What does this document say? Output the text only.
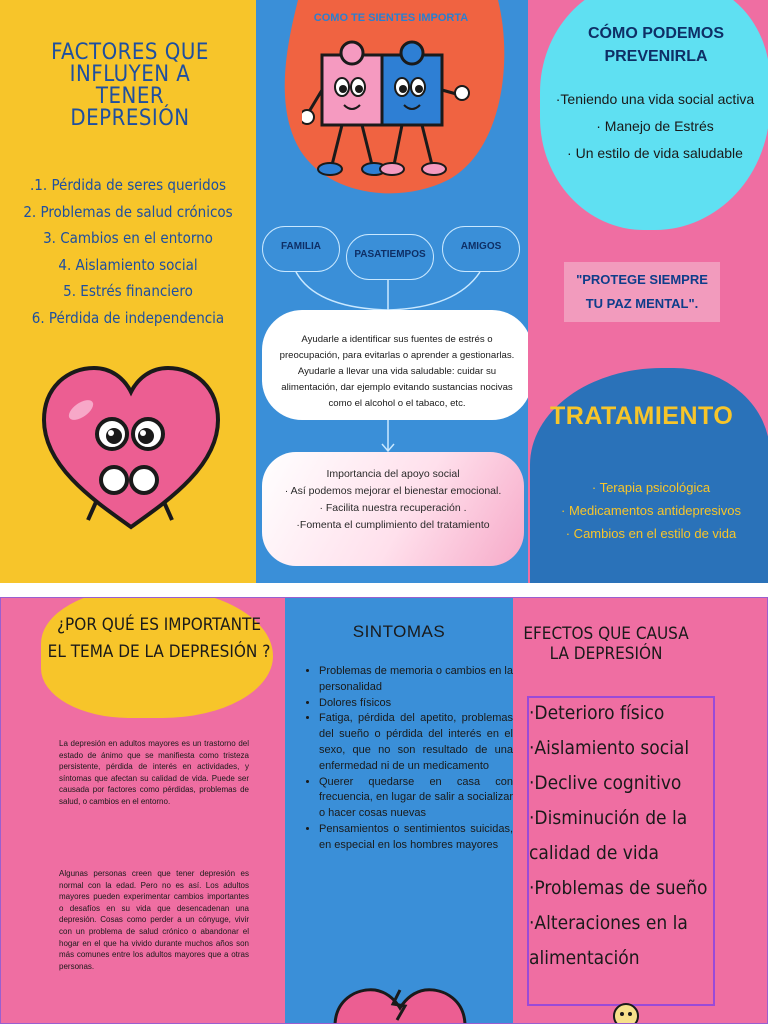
FACTORES QUE INFLUYEN A TENER DEPRESIÓN
.1. Pérdida de seres queridos
2. Problemas de salud crónicos
3. Cambios en el entorno
4. Aislamiento social
5. Estrés financiero
6. Pérdida de independencia
COMO TE SIENTES IMPORTA
FAMILIA
PASATIEMPOS
AMIGOS
Ayudarle a identificar sus fuentes de estrés o preocupación, para evitarlas o aprender a gestionarlas. Ayudarle a llevar una vida saludable: cuidar su alimentación, dar ejemplo evitando sustancias nocivas como el alcohol o el tabaco, etc.
Importancia del apoyo social
· Así podemos mejorar el bienestar emocional.
· Facilita nuestra recuperación .
·Fomenta el cumplimiento del tratamiento
CÓMO PODEMOS PREVENIRLA
·Teniendo una vida social activa
· Manejo de Estrés
· Un estilo de vida saludable
"PROTEGE SIEMPRE TU PAZ MENTAL".
TRATAMIENTO
· Terapia psicológica
· Medicamentos antidepresivos
· Cambios en el estilo de vida
¿POR QUÉ ES IMPORTANTE EL TEMA DE LA DEPRESIÓN ?
La depresión en adultos mayores es un trastorno del estado de ánimo que se manifiesta como tristeza persistente, pérdida de interés en actividades, y síntomas que afectan su calidad de vida. Puede ser causada por factores como pérdidas, problemas de salud, o cambios en el entorno.
Algunas personas creen que tener depresión es normal con la edad. Pero no es así. Los adultos mayores pueden experimentar cambios importantes o desafíos en su vida que desencadenan una depresión. Cosas como perder a un cónyuge, vivir con un problema de salud crónico o abandonar el hogar en el que ha vivido durante muchos años son más comunes entre los adultos mayores que a otras personas.
SINTOMAS
• Problemas de memoria o cambios en la personalidad
• Dolores físicos
• Fatiga, pérdida del apetito, problemas del sueño o pérdida del interés en el sexo, que no son resultado de una enfermedad ni de un medicamento
• Querer quedarse en casa con frecuencia, en lugar de salir a socializar o hacer cosas nuevas
• Pensamientos o sentimientos suicidas, en especial en los hombres mayores
EFECTOS QUE CAUSA LA DEPRESIÓN
·Deterioro físico
·Aislamiento social
·Declive cognitivo
·Disminución de la calidad de vida
·Problemas de sueño
·Alteraciones en la alimentación
